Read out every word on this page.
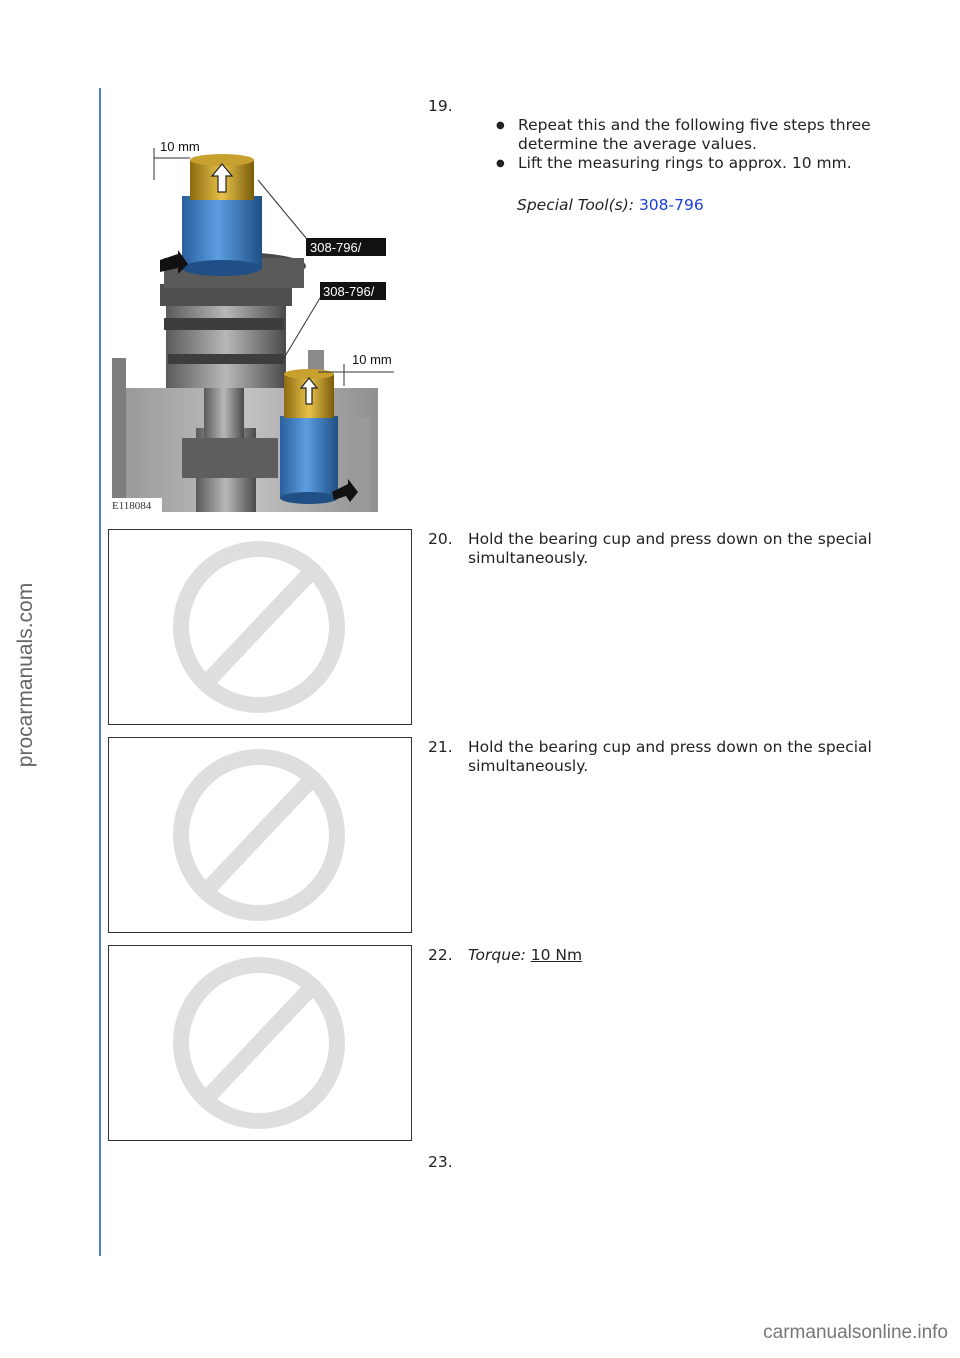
procarmanuals.com
308-796/
308-796/
10 mm
10 mm
E118084
19.
● Repeat this and the following five steps three determine the average values.
● Lift the measuring rings to approx. 10 mm.
Special Tool(s): 308-796
20. Hold the bearing cup and press down on the special simultaneously.
21. Hold the bearing cup and press down on the special simultaneously.
22. Torque: 10 Nm
23.
carmanualsonline.info
